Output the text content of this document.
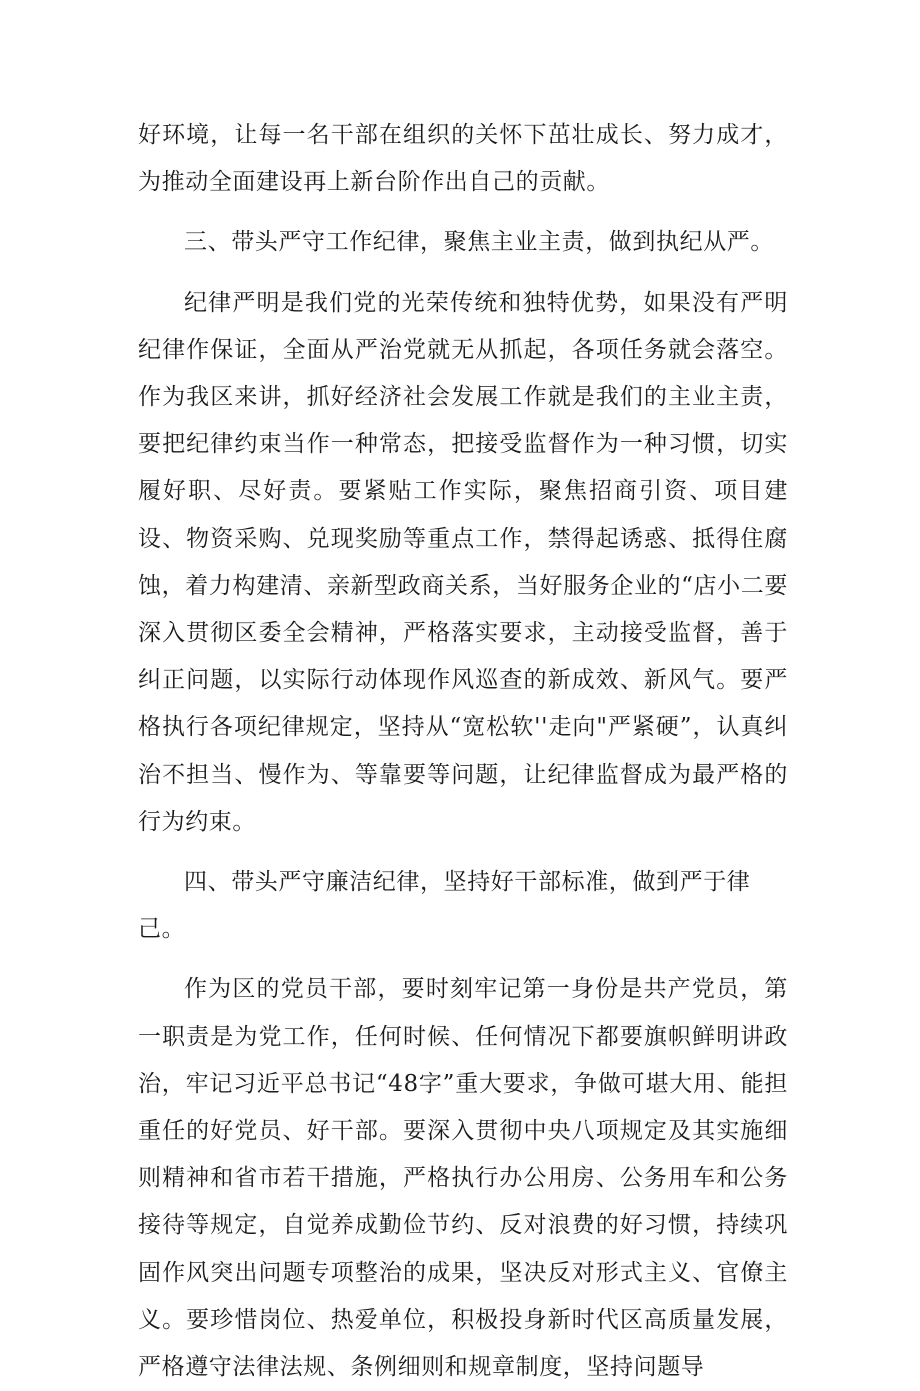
好环境，让每一名干部在组织的关怀下茁壮成长、努力成才，为推动全面建设再上新台阶作出自己的贡献。

三、带头严守工作纪律，聚焦主业主责，做到执纪从严。

纪律严明是我们党的光荣传统和独特优势，如果没有严明纪律作保证，全面从严治党就无从抓起，各项任务就会落空。作为我区来讲，抓好经济社会发展工作就是我们的主业主责，要把纪律约束当作一种常态，把接受监督作为一种习惯，切实履好职、尽好责。要紧贴工作实际，聚焦招商引资、项目建设、物资采购、兑现奖励等重点工作，禁得起诱惑、抵得住腐蚀，着力构建清、亲新型政商关系，当好服务企业的“店小二要深入贯彻区委全会精神，严格落实要求，主动接受监督，善于纠正问题，以实际行动体现作风巡查的新成效、新风气。要严格执行各项纪律规定，坚持从“宽松软''走向"严紧硬”，认真纠治不担当、慢作为、等靠要等问题，让纪律监督成为最严格的行为约束。

四、带头严守廉洁纪律，坚持好干部标准，做到严于律己。

作为区的党员干部，要时刻牢记第一身份是共产党员，第一职责是为党工作，任何时候、任何情况下都要旗帜鲜明讲政治，牢记习近平总书记“48字”重大要求，争做可堪大用、能担重任的好党员、好干部。要深入贯彻中央八项规定及其实施细则精神和省市若干措施，严格执行办公用房、公务用车和公务接待等规定，自觉养成勤俭节约、反对浪费的好习惯，持续巩固作风突出问题专项整治的成果，坚决反对形式主义、官僚主义。要珍惜岗位、热爱单位，积极投身新时代区高质量发展，严格遵守法律法规、条例细则和规章制度，坚持问题导
